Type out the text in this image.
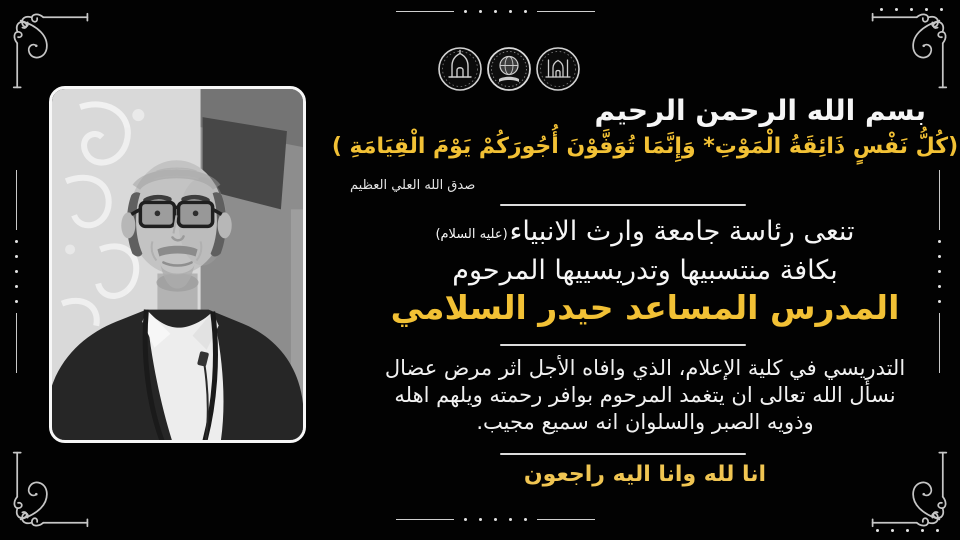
بسم الله الرحمن الرحيم
(كُلُّ نَفْسٍ ذَائِقَةُ الْمَوْتِ* وَإِنَّمَا تُوَفَّوْنَ أُجُورَكُمْ يَوْمَ الْقِيَامَةِ )
صدق الله العلي العظيم
تنعى رئاسة جامعة وارث الانبياء
(عليه السلام)
بكافة منتسبيها وتدريسييها المرحوم
المدرس المساعد حيدر السلامي
التدريسي في كلية الإعلام، الذي وافاه الأجل اثر مرض عضال
نسأل الله تعالى ان يتغمد المرحوم بوافر رحمته ويلهم اهله
وذويه الصبر والسلوان انه سميع مجيب.
انا لله وانا اليه راجعون
